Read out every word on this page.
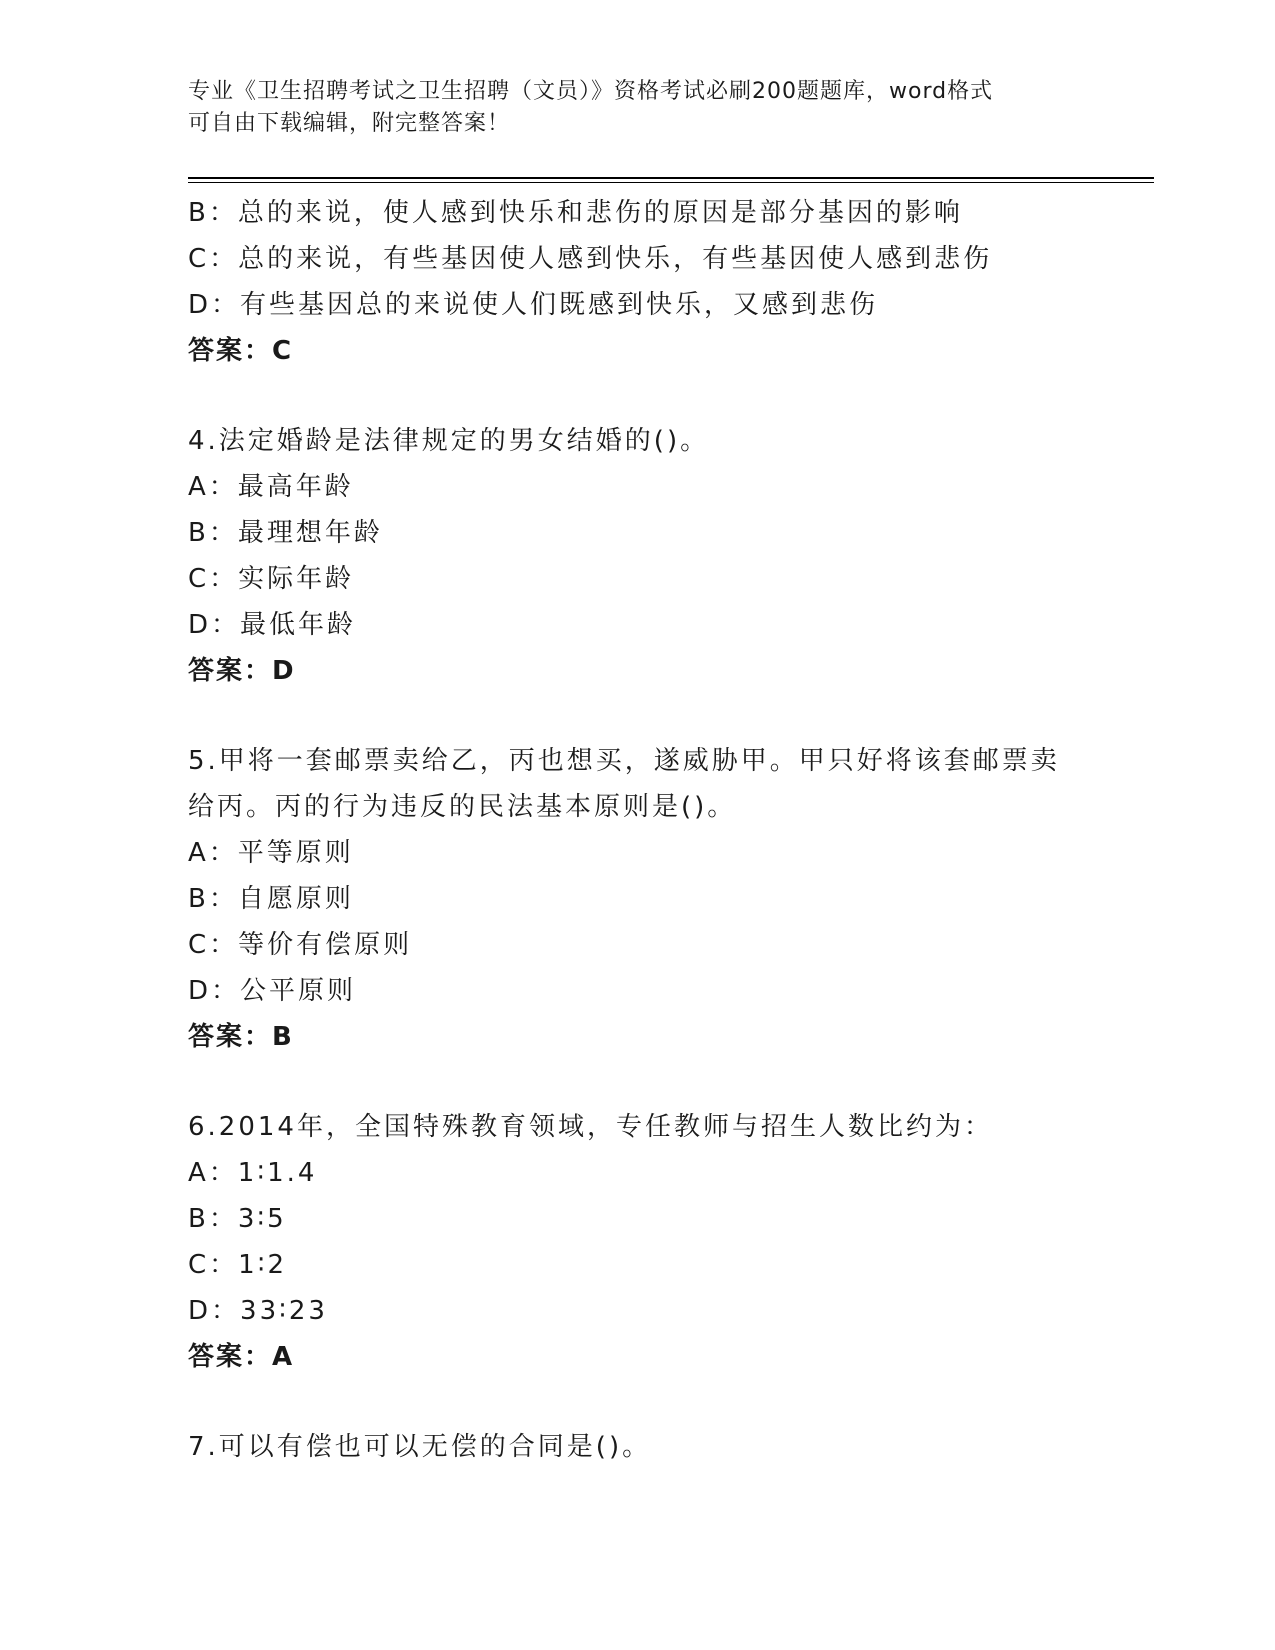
专业《卫生招聘考试之卫生招聘（文员）》资格考试必刷200题题库，word格式
可自由下载编辑，附完整答案！
B：总的来说，使人感到快乐和悲伤的原因是部分基因的影响
C：总的来说，有些基因使人感到快乐，有些基因使人感到悲伤
D：有些基因总的来说使人们既感到快乐，又感到悲伤
答案：C
4.法定婚龄是法律规定的男女结婚的()。
A：最高年龄
B：最理想年龄
C：实际年龄
D：最低年龄
答案：D
5.甲将一套邮票卖给乙，丙也想买，遂威胁甲。甲只好将该套邮票卖
给丙。丙的行为违反的民法基本原则是()。
A：平等原则
B：自愿原则
C：等价有偿原则
D：公平原则
答案：B
6.2014年，全国特殊教育领域，专任教师与招生人数比约为：
A：1∶1.4
B：3∶5
C：1∶2
D：33∶23
答案：A
7.可以有偿也可以无偿的合同是()。
